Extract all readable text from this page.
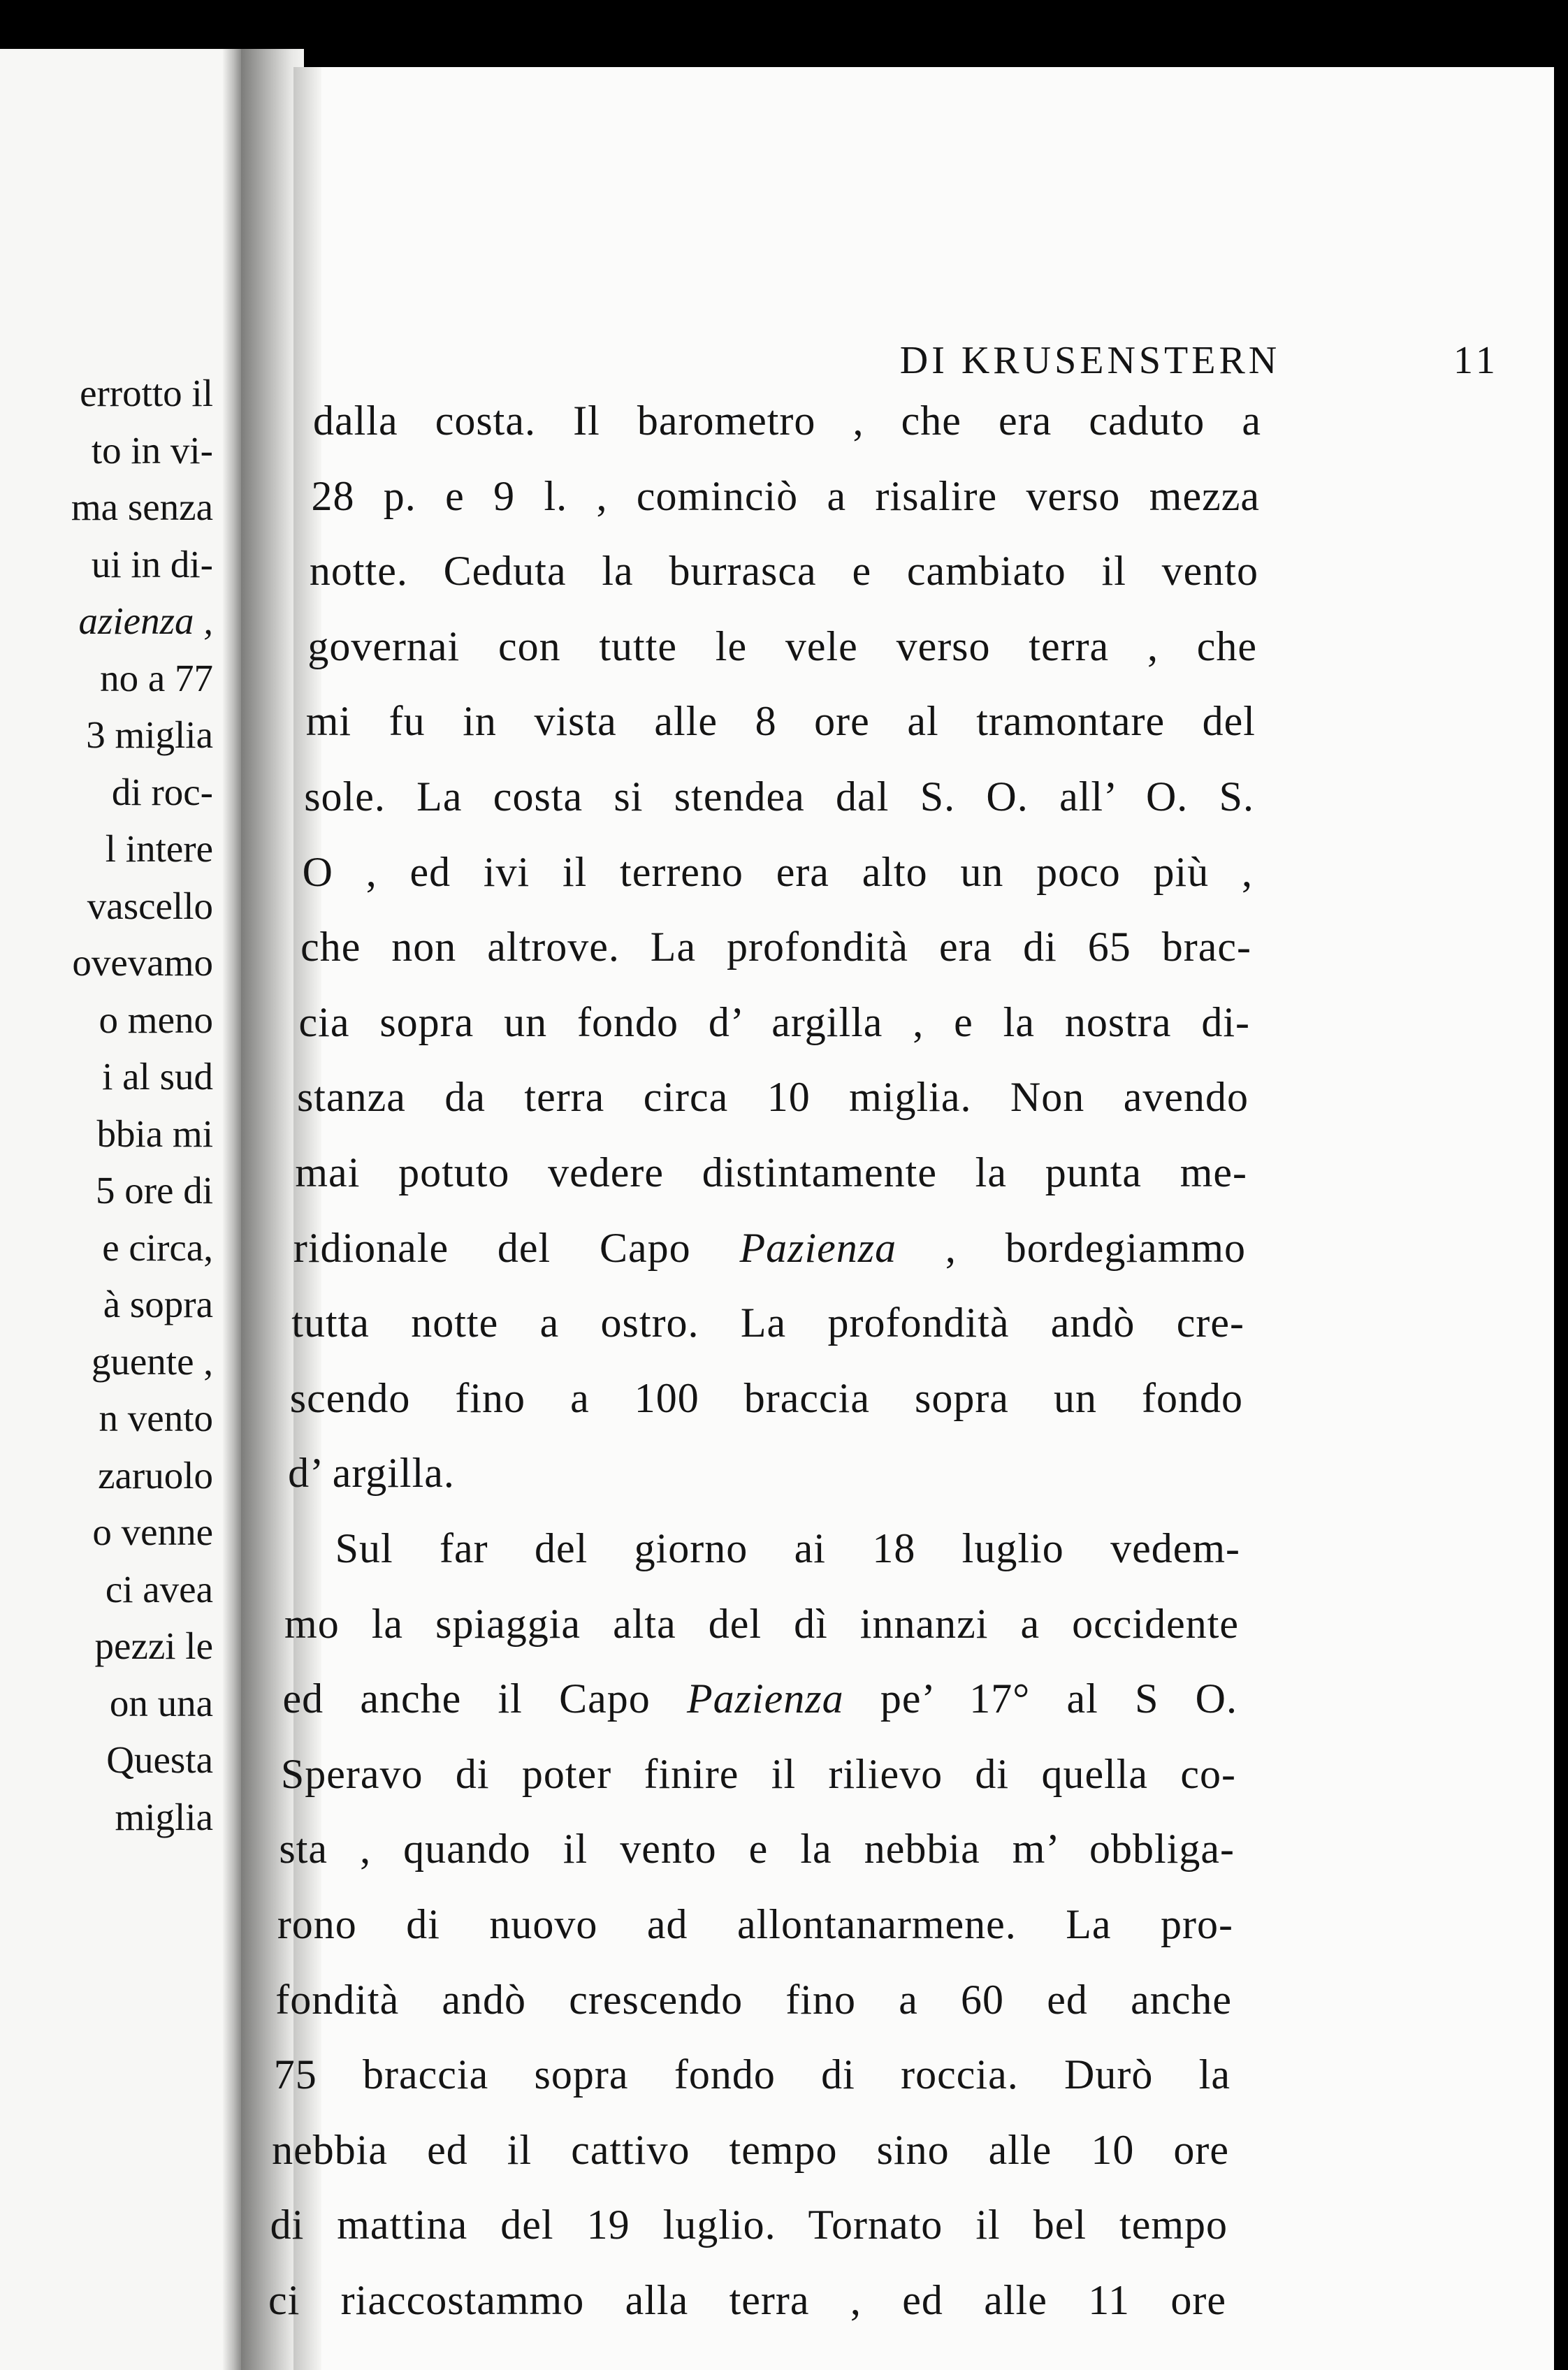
errotto il
to in vi-
ma senza
ui in di-
azienza ,
no a 77
3 miglia
di roc-
l intere
vascello
ovevamo
o meno
i al sud
bbia mi
5 ore di
e circa,
à sopra
guente ,
n vento
zaruolo
o venne
ci avea
pezzi le
on una
Questa
miglia
DI KRUSENSTERN	11
dalla costa. Il barometro , che era caduto a
28 p. e 9 l. , cominciò a risalire verso mezza
notte. Ceduta la burrasca e cambiato il vento
governai con tutte le vele verso terra , che
mi fu in vista alle 8 ore al tramontare del
sole. La costa si stendea dal S. O. all’ O. S.
O , ed ivi il terreno era alto un poco più ,
che non altrove. La profondità era di 65 brac-
cia sopra un fondo d’ argilla , e la nostra di-
stanza da terra circa 10 miglia. Non avendo
mai potuto vedere distintamente la punta me-
ridionale del Capo Pazienza , bordegiammo
tutta notte a ostro. La profondità andò cre-
scendo fino a 100 braccia sopra un fondo
d’ argilla.
Sul far del giorno ai 18 luglio vedem-
mo la spiaggia alta del dì innanzi a occidente
ed anche il Capo Pazienza pe’ 17° al S O.
Speravo di poter finire il rilievo di quella co-
sta , quando il vento e la nebbia m’ obbliga-
rono di nuovo ad allontanarmene. La pro-
fondità andò crescendo fino a 60 ed anche
75 braccia sopra fondo di roccia. Durò la
nebbia ed il cattivo tempo sino alle 10 ore
di mattina del 19 luglio. Tornato il bel tempo
ci riaccostammo alla terra , ed alle 11 ore
